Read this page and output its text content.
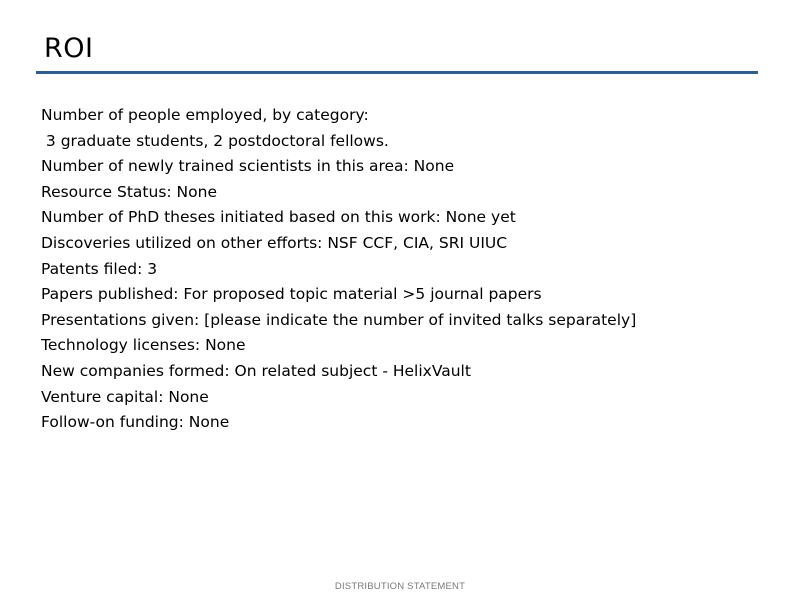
ROI
Number of people employed, by category:
3 graduate students, 2 postdoctoral fellows.
Number of newly trained scientists in this area: None
Resource Status: None
Number of PhD theses initiated based on this work: None yet
Discoveries utilized on other efforts: NSF CCF, CIA, SRI UIUC
Patents filed: 3
Papers published: For proposed topic material >5 journal papers
Presentations given: [please indicate the number of invited talks separately]
Technology licenses: None
New companies formed: On related subject - HelixVault
Venture capital: None
Follow-on funding: None
DISTRIBUTION STATEMENT
